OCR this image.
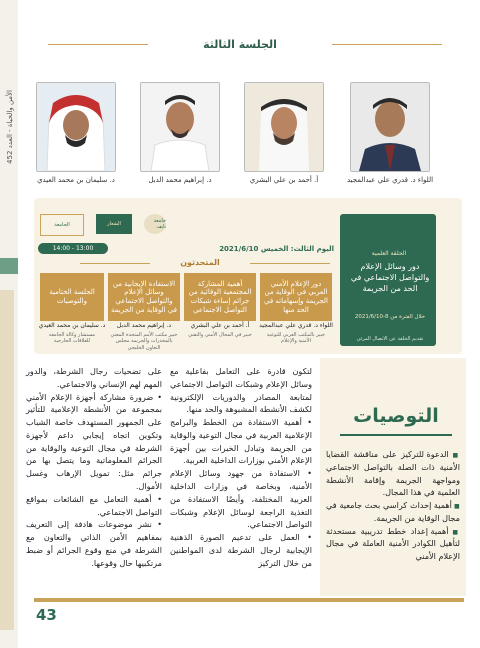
الأمن والحياة - العدد 452
الجلسة الثالثة
اللواء د. قدري علي عبدالمجيد
أ. أحمد بن علي البشري
د. إبراهيم محمد الدبل
د. سليمان بن محمد العيدي
الجامعة	الشعار	جامعة نايف
الحلقة العلمية
دور وسائل الإعلام والتواصل الاجتماعي في الحد من الجريمة
خلال الفترة من 8-2021/6/10
تقديم الحلقة عن الاتصال المرئي
اليوم الثالث: الخميس 2021/6/10
13:00 - 14:00
المتحدثون
دور الإعلام الأمني العربي في الوقاية من الجريمة وإسهاماته في الحد منها
أهمية المشاركة المجتمعية الوقائية من جرائم إساءة شبكات التواصل الاجتماعي
الاستفادة الإيجابية من وسائل الإعلام والتواصل الاجتماعي في الوقاية من الجريمة
الجلسة الختامية والتوصيات
اللواء د. قدري علي عبدالمجيد
أ. أحمد بن علي البشري
د. إبراهيم محمد الدبل
د. سليمان بن محمد العيدي
خبير بالمكتب العربي للتوعية الأمنية والإعلام
خبير في المجال الأمني والتقني
خبير مكتب الأمم المتحدة المعني بالمخدرات والجريمة مجلس التعاون الخليجي
مستشار وكالة الجامعة للعلاقات الخارجية
التوصيات

■ الدعوة للتركيز على مناقشة القضايا الأمنية ذات الصلة بالتواصل الاجتماعي ومواجهة الجريمة وإقامة الأنشطة العلمية في هذا المجال.

■ أهمية إحداث كراسي بحث جامعية في مجال الوقاية من الجريمة.

■ أهمية إعداد خطط تدريبية مستحدثة لتأهيل الكوادر الأمنية العاملة في مجال الإعلام الأمني

لتكون قادرة على التعامل بفاعلية مع وسائل الإعلام وشبكات التواصل الاجتماعي لمتابعة المصادر والدوريات الإلكترونية لكشف الأنشطة المشبوهة والحد منها.

• أهمية الاستفادة من الخطط والبرامج الإعلامية العربية في مجال التوعية والوقاية من الجريمة وتبادل الخبرات بين أجهزة الإعلام الأمني بوزارات الداخلية العربية.

• الاستفادة من جهود وسائل الإعلام الأمنية، وبخاصة في وزارات الداخلية العربية المختلفة، وأيضًا الاستفادة من التغذية الراجعة لوسائل الإعلام وشبكات التواصل الاجتماعي.

• العمل على تدعيم الصورة الذهنية الإيجابية لرجال الشرطة لدى المواطنين من خلال التركيز

على تضحيات رجال الشرطة، والدور المهم لهم الإنساني والاجتماعي.

• ضرورة مشاركة أجهزة الإعلام الأمني بمجموعة من الأنشطة الإعلامية للتأثير على الجمهور المستهدف خاصة الشباب وتكوين اتجاه إيجابي داعم لأجهزة الشرطة في مجال التوعية والوقاية من الجرائم المعلوماتية وما يتصل بها من جرائم مثل: تمويل الإرهاب وغسل الأموال.

• أهمية التعامل مع الشائعات بمواقع التواصل الاجتماعي.

• نشر موضوعات هادفة إلى التعريف بمفاهيم الأمن الذاتي والتعاون مع الشرطة في منع وقوع الجرائم أو ضبط مرتكبيها حال وقوعها.

43
